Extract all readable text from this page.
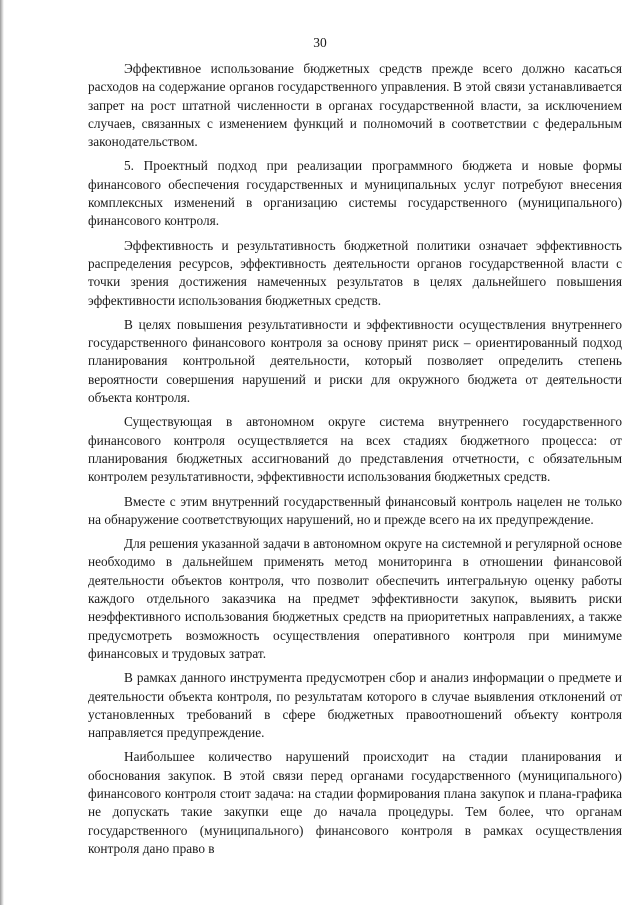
30

Эффективное использование бюджетных средств прежде всего должно касаться расходов на содержание органов государственного управления. В этой связи устанавливается запрет на рост штатной численности в органах государственной власти, за исключением случаев, связанных с изменением функций и полномочий в соответствии с федеральным законодательством.

5. Проектный подход при реализации программного бюджета и новые формы финансового обеспечения государственных и муниципальных услуг потребуют внесения комплексных изменений в организацию системы государственного (муниципального) финансового контроля.

Эффективность и результативность бюджетной политики означает эффективность распределения ресурсов, эффективность деятельности органов государственной власти с точки зрения достижения намеченных результатов в целях дальнейшего повышения эффективности использования бюджетных средств.

В целях повышения результативности и эффективности осуществления внутреннего государственного финансового контроля за основу принят риск – ориентированный подход планирования контрольной деятельности, который позволяет определить степень вероятности совершения нарушений и риски для окружного бюджета от деятельности объекта контроля.

Существующая в автономном округе система внутреннего государственного финансового контроля осуществляется на всех стадиях бюджетного процесса: от планирования бюджетных ассигнований до представления отчетности, с обязательным контролем результативности, эффективности использования бюджетных средств.

Вместе с этим внутренний государственный финансовый контроль нацелен не только на обнаружение соответствующих нарушений, но и прежде всего на их предупреждение.

Для решения указанной задачи в автономном округе на системной и регулярной основе необходимо в дальнейшем применять метод мониторинга в отношении финансовой деятельности объектов контроля, что позволит обеспечить интегральную оценку работы каждого отдельного заказчика на предмет эффективности закупок, выявить риски неэффективного использования бюджетных средств на приоритетных направлениях, а также предусмотреть возможность осуществления оперативного контроля при минимуме финансовых и трудовых затрат.

В рамках данного инструмента предусмотрен сбор и анализ информации о предмете и деятельности объекта контроля, по результатам которого в случае выявления отклонений от установленных требований в сфере бюджетных правоотношений объекту контроля направляется предупреждение.

Наибольшее количество нарушений происходит на стадии планирования и обоснования закупок. В этой связи перед органами государственного (муниципального) финансового контроля стоит задача: на стадии формирования плана закупок и плана-графика не допускать такие закупки еще до начала процедуры. Тем более, что органам государственного (муниципального) финансового контроля в рамках осуществления контроля дано право в
